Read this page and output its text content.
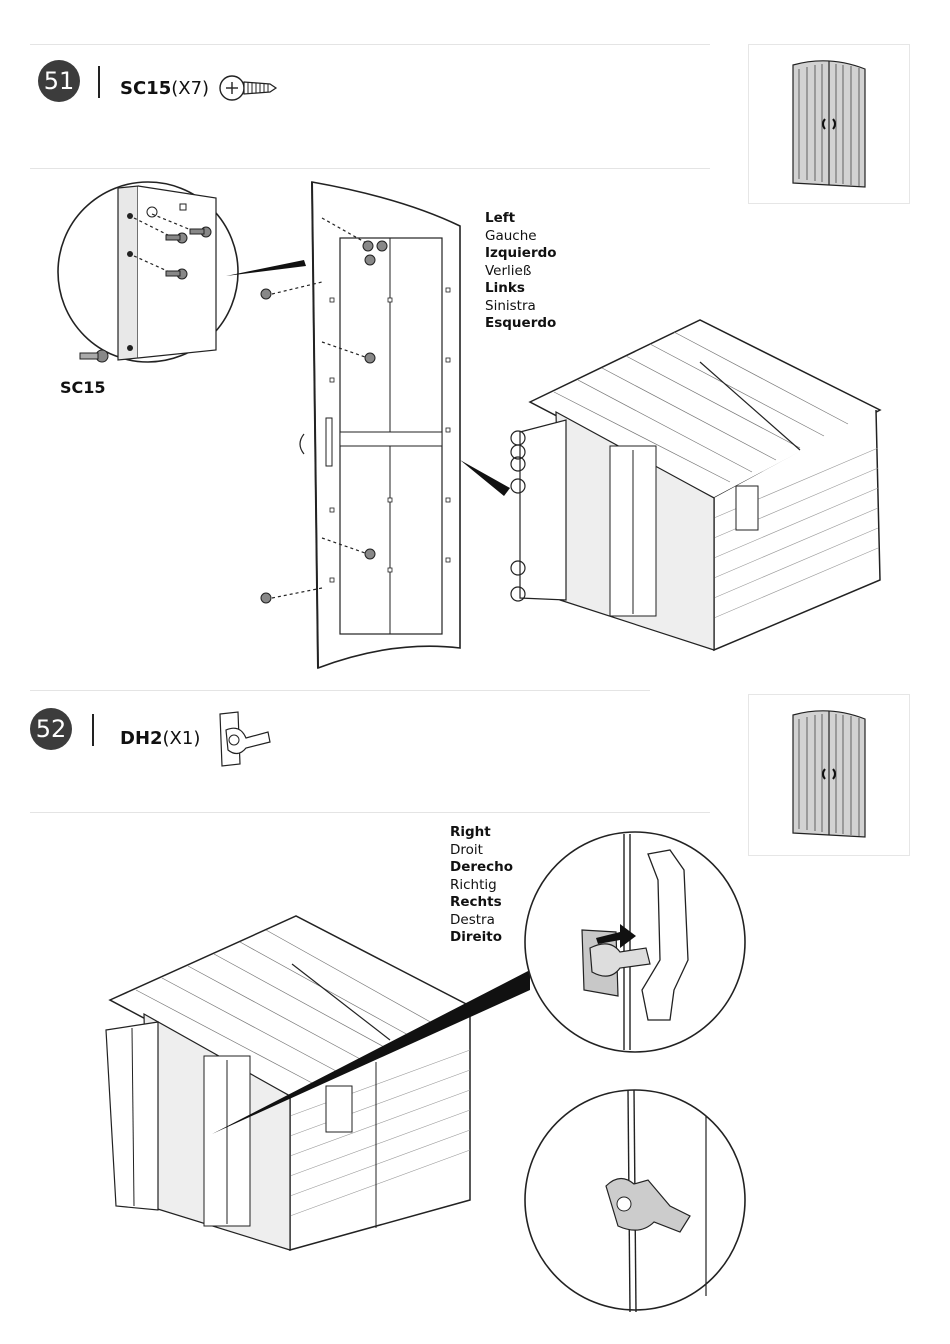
51	SC15(X7)
SC15
Left
Gauche
Izquierdo
Verließ
Links
Sinistra
Esquerdo
52	DH2(X1)
Right
Droit
Derecho
Richtig
Rechts
Destra
Direito
